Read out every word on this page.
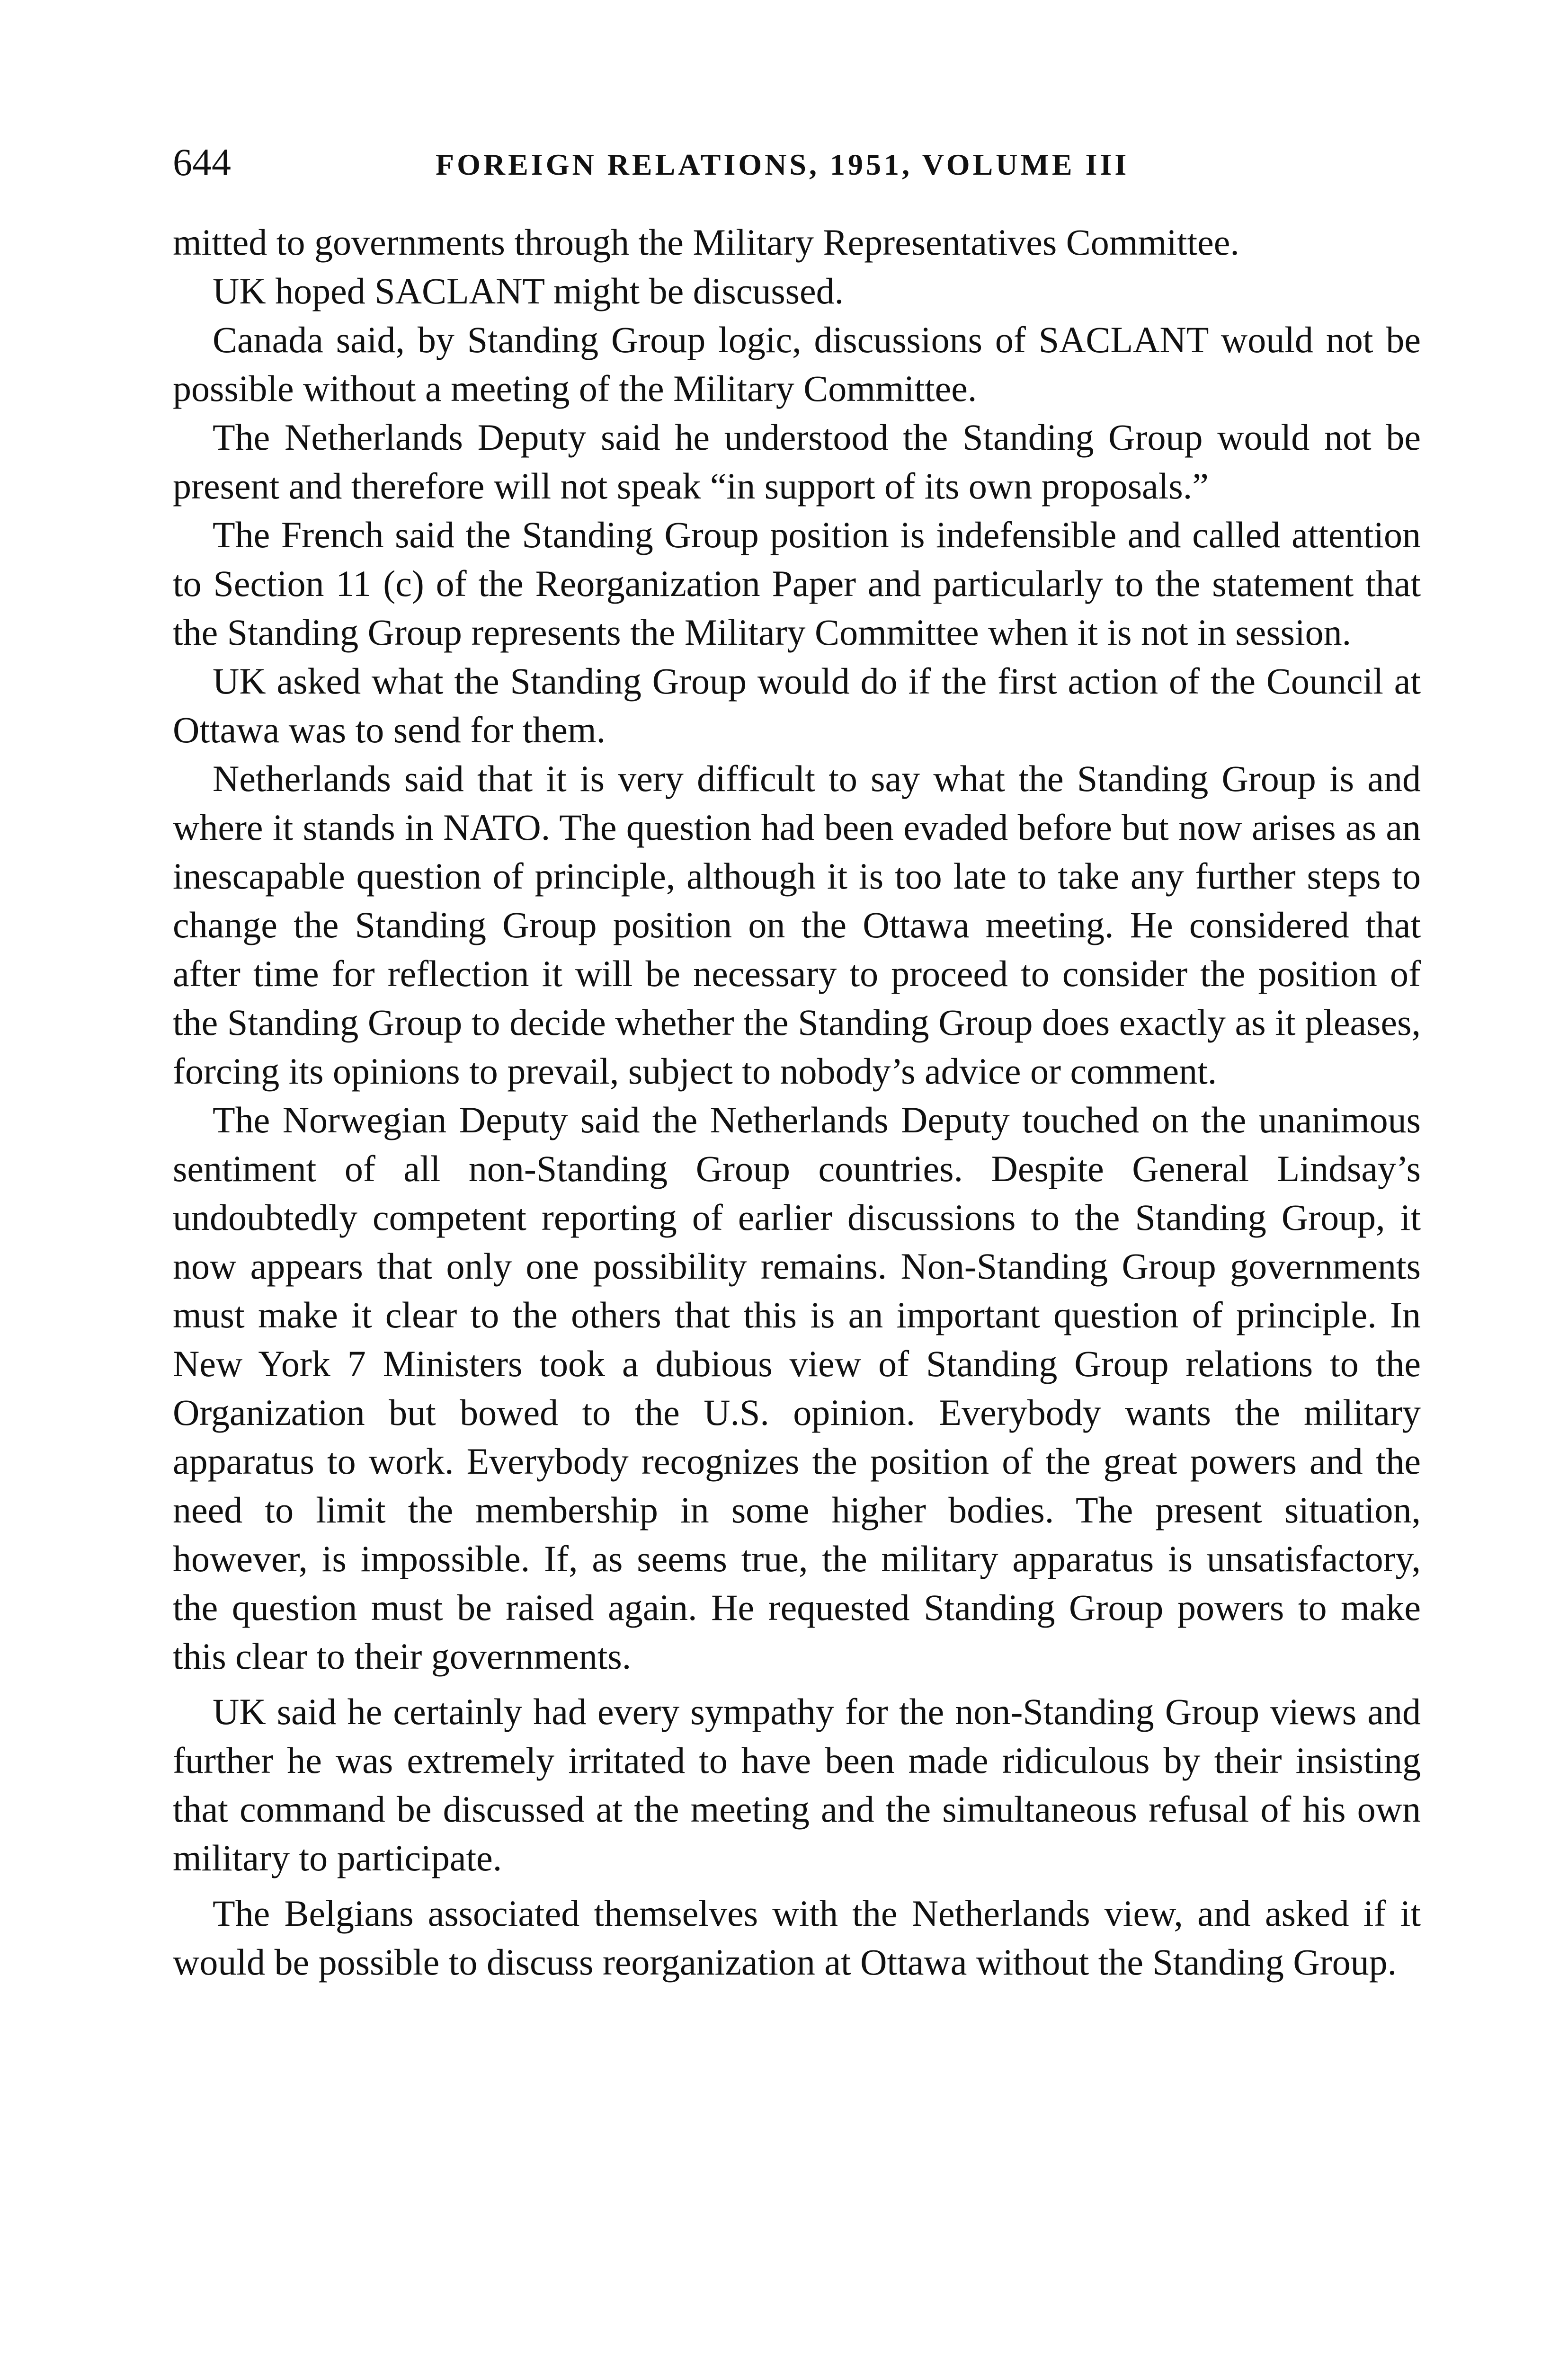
644	FOREIGN RELATIONS, 1951, VOLUME III

mitted to governments through the Military Representatives Committee.

UK hoped SACLANT might be discussed.

Canada said, by Standing Group logic, discussions of SACLANT would not be possible without a meeting of the Military Committee.

The Netherlands Deputy said he understood the Standing Group would not be present and therefore will not speak “in support of its own proposals.”

The French said the Standing Group position is indefensible and called attention to Section 11 (c) of the Reorganization Paper and particularly to the statement that the Standing Group represents the Military Committee when it is not in session.

UK asked what the Standing Group would do if the first action of the Council at Ottawa was to send for them.

Netherlands said that it is very difficult to say what the Standing Group is and where it stands in NATO. The question had been evaded before but now arises as an inescapable question of principle, although it is too late to take any further steps to change the Standing Group position on the Ottawa meeting. He considered that after time for reflection it will be necessary to proceed to consider the position of the Standing Group to decide whether the Standing Group does exactly as it pleases, forcing its opinions to prevail, subject to nobody’s advice or comment.

The Norwegian Deputy said the Netherlands Deputy touched on the unanimous sentiment of all non-Standing Group countries. Despite General Lindsay’s undoubtedly competent reporting of earlier discussions to the Standing Group, it now appears that only one possibility remains. Non-Standing Group governments must make it clear to the others that this is an important question of principle. In New York 7 Ministers took a dubious view of Standing Group relations to the Organization but bowed to the U.S. opinion. Everybody wants the military apparatus to work. Everybody recognizes the position of the great powers and the need to limit the membership in some higher bodies. The present situation, however, is impossible. If, as seems true, the military apparatus is unsatisfactory, the question must be raised again. He requested Standing Group powers to make this clear to their governments.

UK said he certainly had every sympathy for the non-Standing Group views and further he was extremely irritated to have been made ridiculous by their insisting that command be discussed at the meeting and the simultaneous refusal of his own military to participate.

The Belgians associated themselves with the Netherlands view, and asked if it would be possible to discuss reorganization at Ottawa without the Standing Group.
